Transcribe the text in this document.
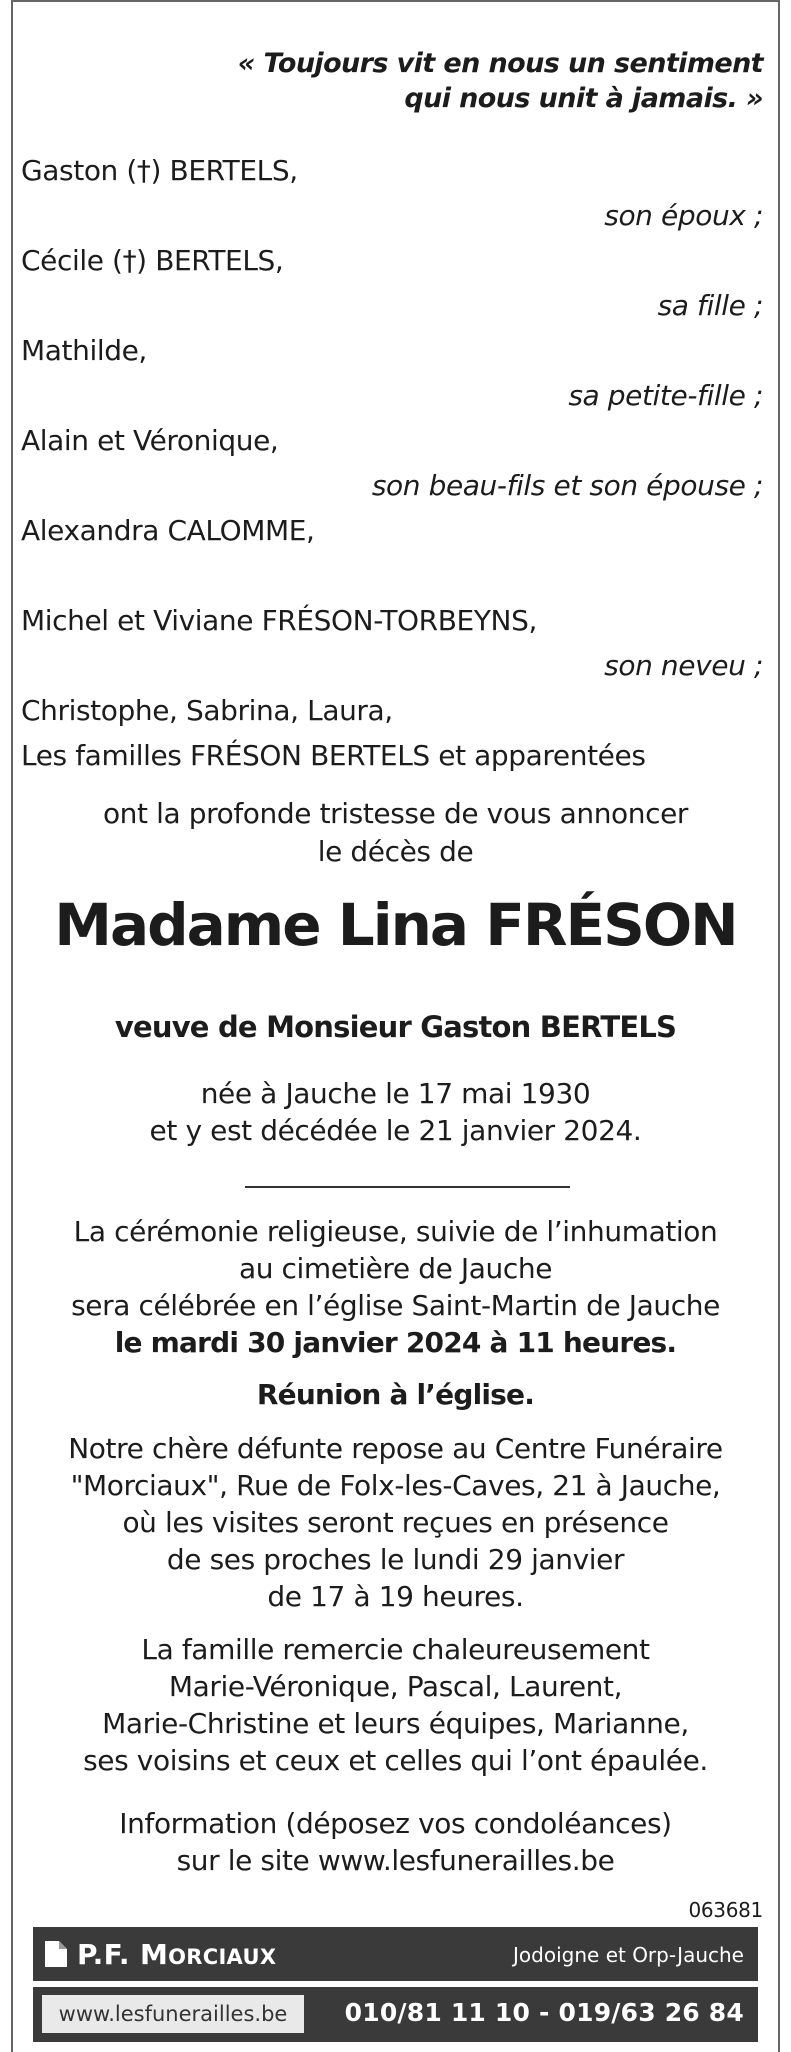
« Toujours vit en nous un sentiment
qui nous unit à jamais. »
Gaston (†) BERTELS,
son époux ;
Cécile (†) BERTELS,
sa fille ;
Mathilde,
sa petite-fille ;
Alain et Véronique,
son beau-fils et son épouse ;
Alexandra CALOMME,
Michel et Viviane FRÉSON-TORBEYNS,
son neveu ;
Christophe, Sabrina, Laura,
Les familles FRÉSON BERTELS et apparentées
ont la profonde tristesse de vous annoncer
le décès de
Madame Lina FRÉSON
veuve de Monsieur Gaston BERTELS
née à Jauche le 17 mai 1930
et y est décédée le 21 janvier 2024.
La cérémonie religieuse, suivie de l’inhumation
au cimetière de Jauche
sera célébrée en l’église Saint-Martin de Jauche
le mardi 30 janvier 2024 à 11 heures.
Réunion à l’église.
Notre chère défunte repose au Centre Funéraire
"Morciaux", Rue de Folx-les-Caves, 21 à Jauche,
où les visites seront reçues en présence
de ses proches le lundi 29 janvier
de 17 à 19 heures.
La famille remercie chaleureusement
Marie-Véronique, Pascal, Laurent,
Marie-Christine et leurs équipes, Marianne,
ses voisins et ceux et celles qui l’ont épaulée.
Information (déposez vos condoléances)
sur le site www.lesfunerailles.be
063681
P.F. MORCIAUX	Jodoigne et Orp-Jauche
www.lesfunerailles.be	010/81 11 10 - 019/63 26 84
